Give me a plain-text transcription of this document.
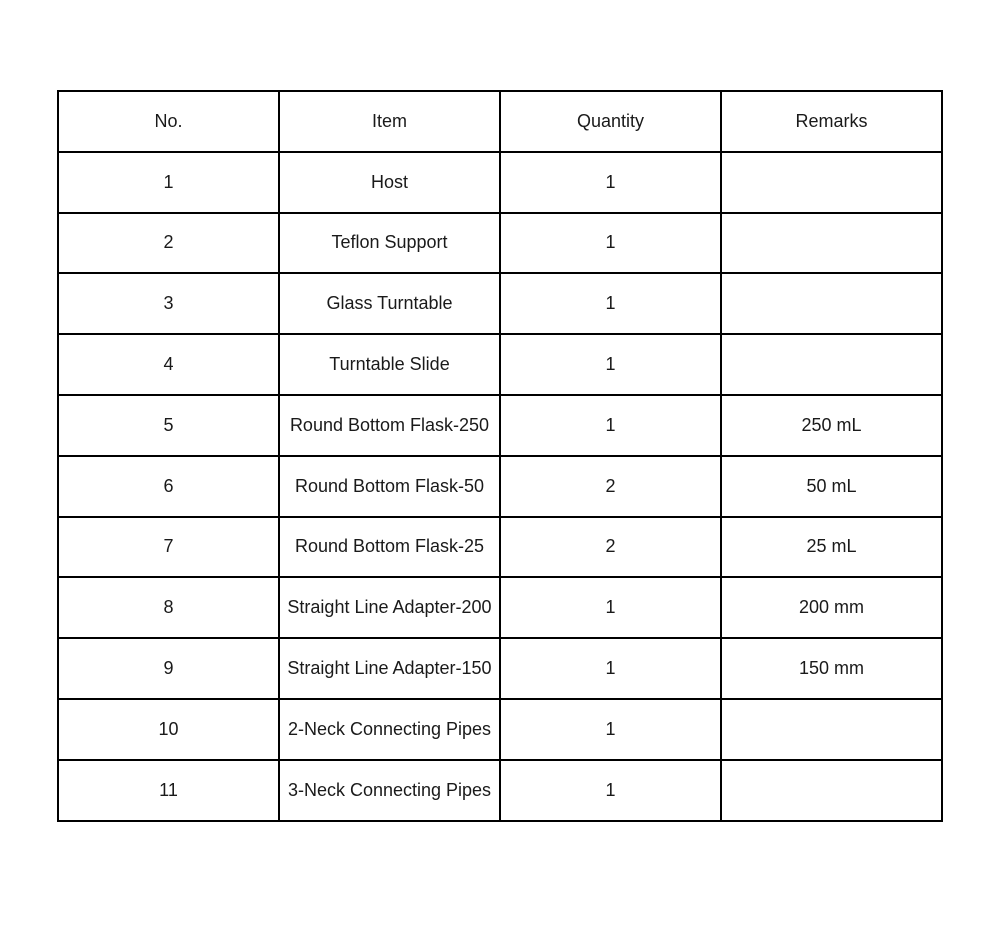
No.	Item	Quantity	Remarks
1	Host	1	
2	Teflon Support	1	
3	Glass Turntable	1	
4	Turntable Slide	1	
5	Round Bottom Flask-250	1	250 mL
6	Round Bottom Flask-50	2	50 mL
7	Round Bottom Flask-25	2	25 mL
8	Straight Line Adapter-200	1	200 mm
9	Straight Line Adapter-150	1	150 mm
10	2-Neck Connecting Pipes	1	
11	3-Neck Connecting Pipes	1	
